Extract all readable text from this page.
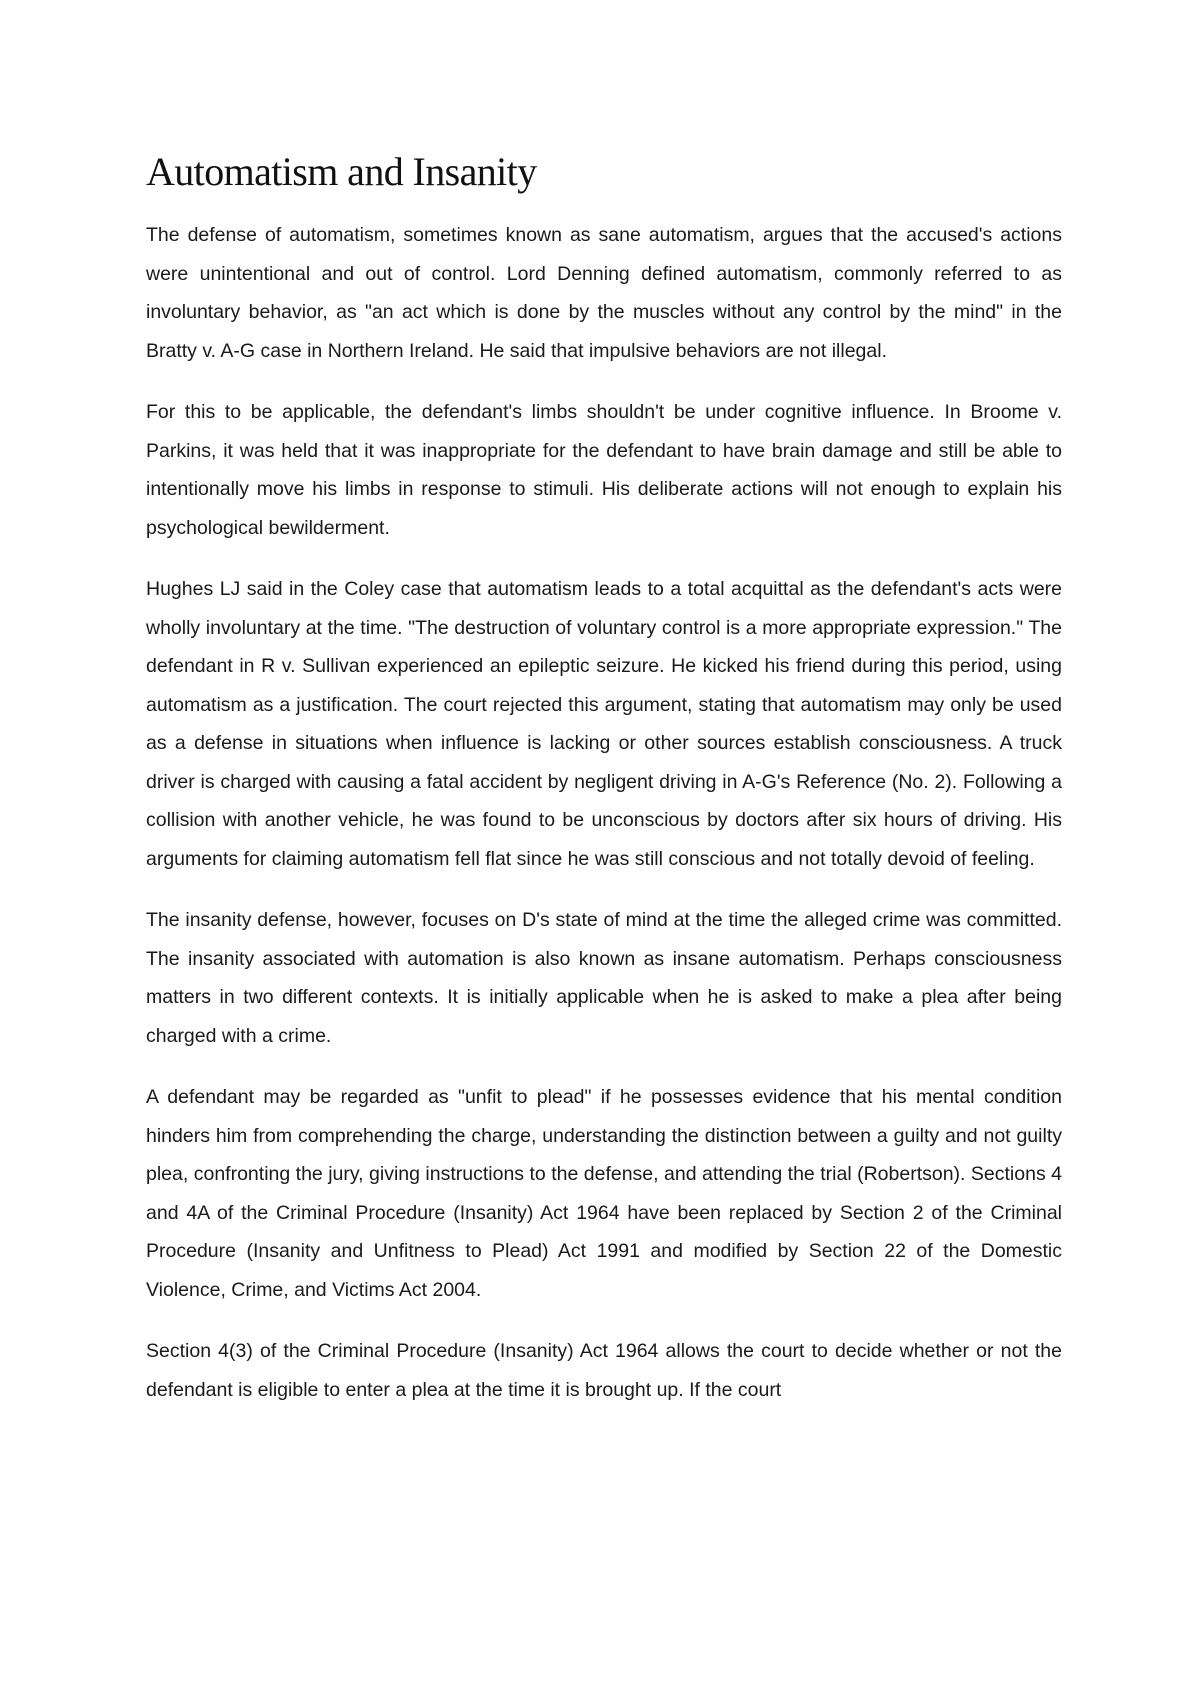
Automatism and Insanity

The defense of automatism, sometimes known as sane automatism, argues that the accused's actions were unintentional and out of control. Lord Denning defined automatism, commonly referred to as involuntary behavior, as "an act which is done by the muscles without any control by the mind" in the Bratty v. A-G case in Northern Ireland. He said that impulsive behaviors are not illegal.

For this to be applicable, the defendant's limbs shouldn't be under cognitive influence. In Broome v. Parkins, it was held that it was inappropriate for the defendant to have brain damage and still be able to intentionally move his limbs in response to stimuli. His deliberate actions will not enough to explain his psychological bewilderment.

Hughes LJ said in the Coley case that automatism leads to a total acquittal as the defendant's acts were wholly involuntary at the time. "The destruction of voluntary control is a more appropriate expression." The defendant in R v. Sullivan experienced an epileptic seizure. He kicked his friend during this period, using automatism as a justification. The court rejected this argument, stating that automatism may only be used as a defense in situations when influence is lacking or other sources establish consciousness. A truck driver is charged with causing a fatal accident by negligent driving in A-G's Reference (No. 2). Following a collision with another vehicle, he was found to be unconscious by doctors after six hours of driving. His arguments for claiming automatism fell flat since he was still conscious and not totally devoid of feeling.

The insanity defense, however, focuses on D's state of mind at the time the alleged crime was committed. The insanity associated with automation is also known as insane automatism. Perhaps consciousness matters in two different contexts. It is initially applicable when he is asked to make a plea after being charged with a crime.

A defendant may be regarded as "unfit to plead" if he possesses evidence that his mental condition hinders him from comprehending the charge, understanding the distinction between a guilty and not guilty plea, confronting the jury, giving instructions to the defense, and attending the trial (Robertson). Sections 4 and 4A of the Criminal Procedure (Insanity) Act 1964 have been replaced by Section 2 of the Criminal Procedure (Insanity and Unfitness to Plead) Act 1991 and modified by Section 22 of the Domestic Violence, Crime, and Victims Act 2004.

Section 4(3) of the Criminal Procedure (Insanity) Act 1964 allows the court to decide whether or not the defendant is eligible to enter a plea at the time it is brought up. If the court
